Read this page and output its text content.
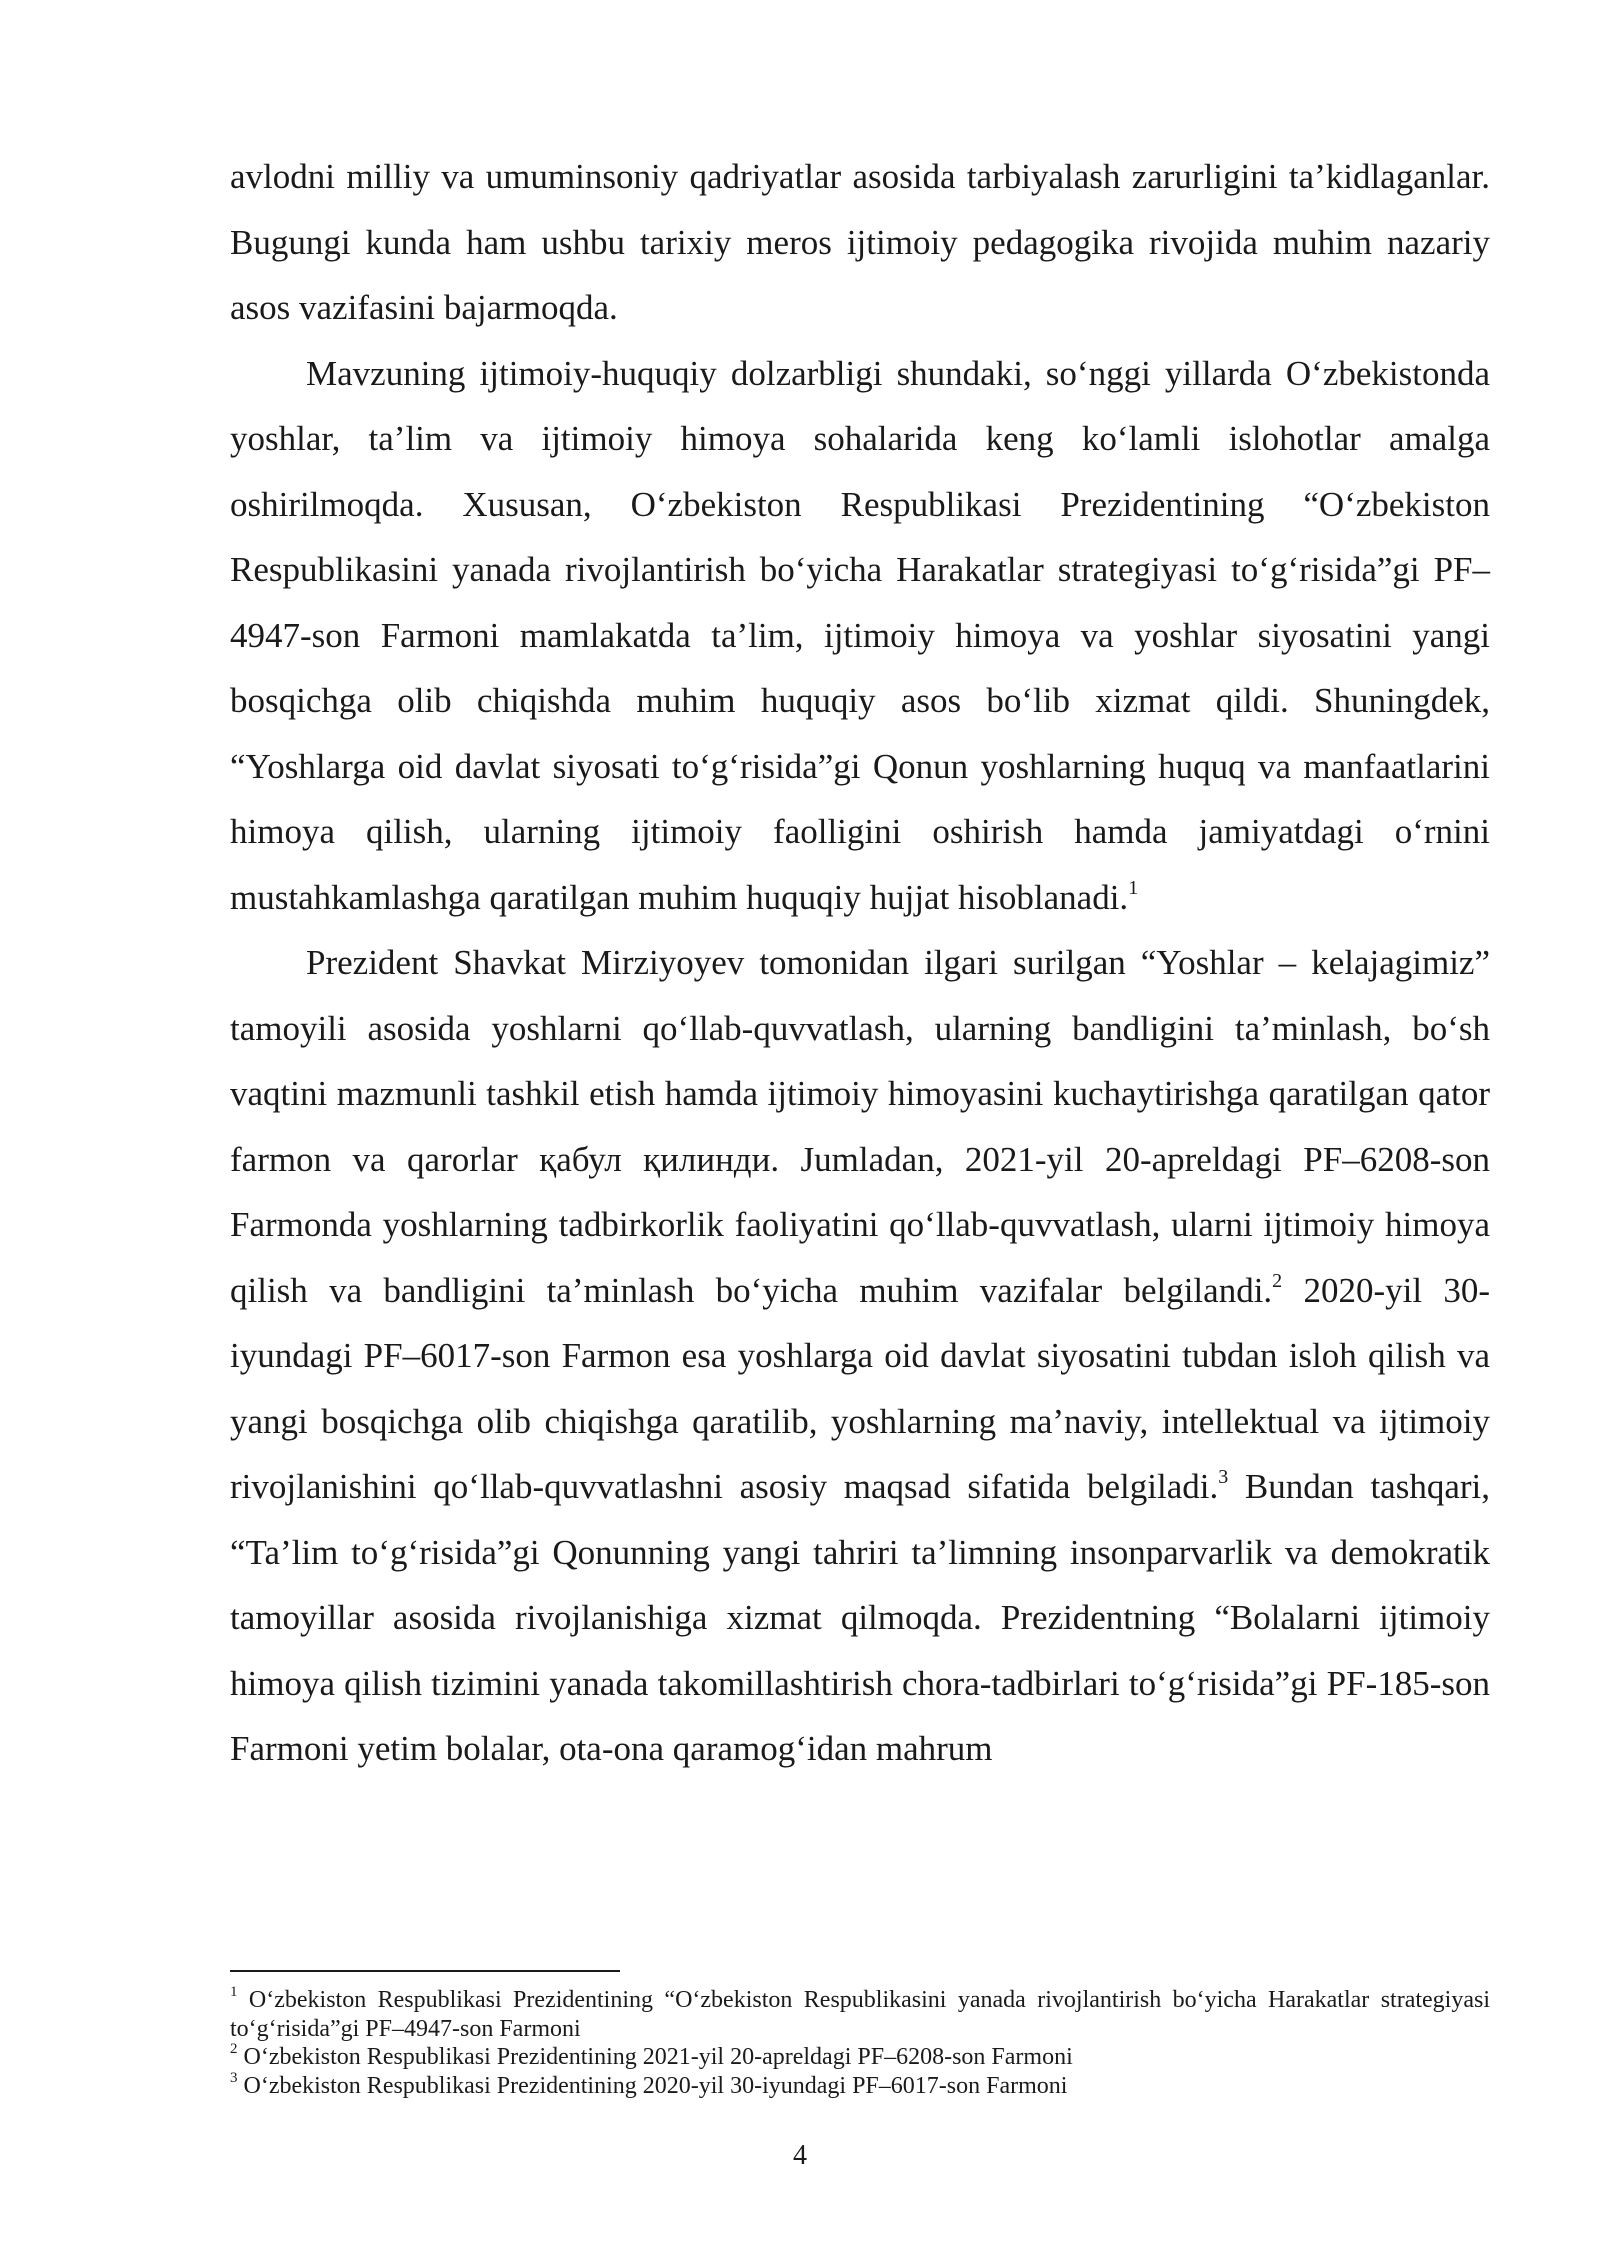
avlodni milliy va umuminsoniy qadriyatlar asosida tarbiyalash zarurligini ta’kidlaganlar. Bugungi kunda ham ushbu tarixiy meros ijtimoiy pedagogika rivojida muhim nazariy asos vazifasini bajarmoqda.

Mavzuning ijtimoiy-huquqiy dolzarbligi shundaki, so‘nggi yillarda O‘zbekistonda yoshlar, ta’lim va ijtimoiy himoya sohalarida keng ko‘lamli islohotlar amalga oshirilmoqda. Xususan, O‘zbekiston Respublikasi Prezidentining “O‘zbekiston Respublikasini yanada rivojlantirish bo‘yicha Harakatlar strategiyasi to‘g‘risida”gi PF–4947-son Farmoni mamlakatda ta’lim, ijtimoiy himoya va yoshlar siyosatini yangi bosqichga olib chiqishda muhim huquqiy asos bo‘lib xizmat qildi. Shuningdek, “Yoshlarga oid davlat siyosati to‘g‘risida”gi Qonun yoshlarning huquq va manfaatlarini himoya qilish, ularning ijtimoiy faolligini oshirish hamda jamiyatdagi o‘rnini mustahkamlashga qaratilgan muhim huquqiy hujjat hisoblanadi.$^1$

Prezident Shavkat Mirziyoyev tomonidan ilgari surilgan “Yoshlar – kelajagimiz” tamoyili asosida yoshlarni qo‘llab-quvvatlash, ularning bandligini ta’minlash, bo‘sh vaqtini mazmunli tashkil etish hamda ijtimoiy himoyasini kuchaytirishga qaratilgan qator farmon va qarorlar қабул қилинди. Jumladan, 2021-yil 20-apreldagi PF–6208-son Farmonda yoshlarning tadbirkorlik faoliyatini qo‘llab-quvvatlash, ularni ijtimoiy himoya qilish va bandligini ta’minlash bo‘yicha muhim vazifalar belgilandi.$^2$ 2020-yil 30-iyundagi PF–6017-son Farmon esa yoshlarga oid davlat siyosatini tubdan isloh qilish va yangi bosqichga olib chiqishga qaratilib, yoshlarning ma’naviy, intellektual va ijtimoiy rivojlanishini qo‘llab-quvvatlashni asosiy maqsad sifatida belgiladi.$^3$ Bundan tashqari, “Ta’lim to‘g‘risida”gi Qonunning yangi tahriri ta’limning insonparvarlik va demokratik tamoyillar asosida rivojlanishiga xizmat qilmoqda. Prezidentning “Bolalarni ijtimoiy himoya qilish tizimini yanada takomillashtirish chora-tadbirlari to‘g‘risida”gi PF-185-son Farmoni yetim bolalar, ota-ona qaramog‘idan mahrum

$^1$ O‘zbekiston Respublikasi Prezidentining “O‘zbekiston Respublikasini yanada rivojlantirish bo‘yicha Harakatlar strategiyasi to‘g‘risida”gi PF–4947-son Farmoni

$^2$ O‘zbekiston Respublikasi Prezidentining 2021-yil 20-apreldagi PF–6208-son Farmoni

$^3$ O‘zbekiston Respublikasi Prezidentining 2020-yil 30-iyundagi PF–6017-son Farmoni

4
